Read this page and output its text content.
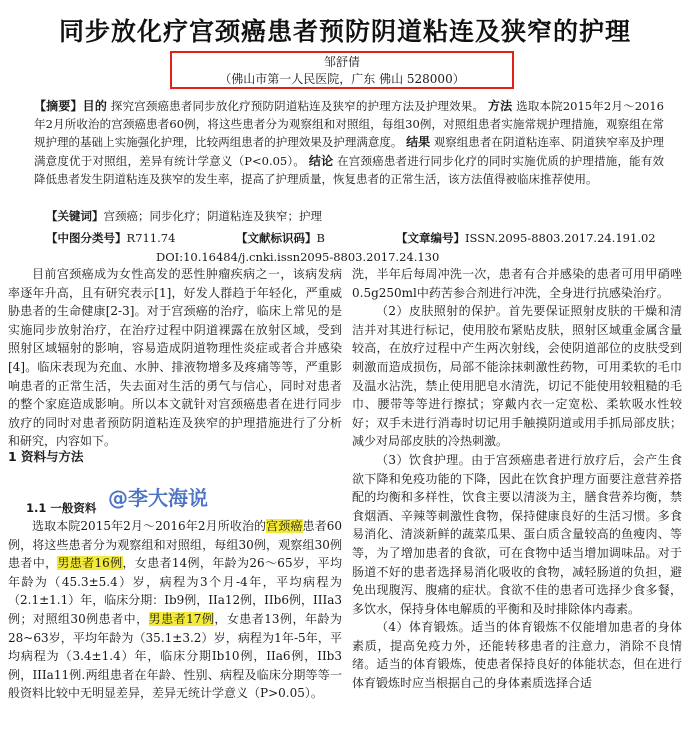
同步放化疗宫颈癌患者预防阴道粘连及狭窄的护理
邹舒倩
（佛山市第一人民医院，广东 佛山 528000）
【摘要】目的 探究宫颈癌患者同步放化疗预防阴道粘连及狭窄的护理方法及护理效果。 方法 选取本院2015年2月～2016年2月所收治的宫颈癌患者60例，将这些患者分为观察组和对照组，每组30例，对照组患者实施常规护理措施，观察组在常规护理的基础上实施强化护理，比较两组患者的护理效果及护理满意度。 结果 观察组患者在阴道粘连率、阴道狭窄率及护理满意度优于对照组，差异有统计学意义（P<0.05）。 结论 在宫颈癌患者进行同步化疗的同时实施优质的护理措施，能有效降低患者发生阴道粘连及狭窄的发生率，提高了护理质量，恢复患者的正常生活，该方法值得被临床推荐使用。
【关键词】宫颈癌；同步化疗；阴道粘连及狭窄；护理
【中图分类号】R711.74	【文献标识码】B	【文章编号】ISSN.2095-8803.2017.24.191.02
DOI:10.16484/j.cnki.issn2095-8803.2017.24.130

目前宫颈癌成为女性高发的恶性肿瘤疾病之一，该病发病率逐年升高，且有研究表示[1]，好发人群趋于年轻化，严重威胁患者的生命健康[2-3]。对于宫颈癌的治疗，临床上常见的是实施同步放射治疗，在治疗过程中阴道裸露在放射区域，受到照射区域辐射的影响，容易造成阴道物理性炎症或者合并感染[4]。临床表现为充血、水肿、排液物增多及疼痛等等，严重影响患者的正常生活，失去面对生活的勇气与信心，同时对患者的整个家庭造成影响。所以本文就针对宫颈癌患者在进行同步放疗的同时对患者预防阴道粘连及狭窄的护理措施进行了分析和研究，内容如下。

1 资料与方法
1.1 一般资料 @李大海说

选取本院2015年2月～2016年2月所收治的宫颈癌患者60例，将这些患者分为观察组和对照组，每组30例，观察组30例患者中，男患者16例，女患者14例，年龄为26～65岁，平均年龄为（45.3±5.4）岁，病程为3个月-4年，平均病程为（2.1±1.1）年，临床分期：Ib9例，IIa12例，IIb6例，IIIa3例；对照组30例患者中，男患者17例，女患者13例，年龄为28~63岁，平均年龄为（35.1±3.2）岁，病程为1年-5年，平均病程为（3.4±1.4）年，临床分期Ib10例，IIa6例，IIb3例，IIIa11例.两组患者在年龄、性别、病程及临床分期等等一般资料比较中无明显差异，差异无统计学意义（P>0.05）。

洗，半年后每周冲洗一次，患者有合并感染的患者可用甲硝唑0.5g250ml中药苦参合剂进行冲洗，全身进行抗感染治疗。

（2）皮肤照射的保护。首先要保证照射皮肤的干燥和清洁并对其进行标记，使用胶布紧贴皮肤，照射区域重金属含量较高，在放疗过程中产生两次射线，会使阴道部位的皮肤受到刺激而造成损伤，局部不能涂抹刺激性药物，可用柔软的毛巾及温水沾洗，禁止使用肥皂水清洗，切记不能使用较粗糙的毛巾、腰带等等进行擦拭；穿戴内衣一定宽松、柔软吸水性较好；双手未进行消毒时切记用手触摸阴道或用手抓局部皮肤；减少对局部皮肤的冷热刺激。

（3）饮食护理。由于宫颈癌患者进行放疗后，会产生食欲下降和免疫功能的下降，因此在饮食护理方面要注意营养搭配的均衡和多样性，饮食主要以清淡为主，膳食营养均衡，禁食烟酒、辛辣等刺激性食物，保持健康良好的生活习惯。多食易消化、清淡新鲜的蔬菜瓜果、蛋白质含量较高的鱼瘦肉、等等，为了增加患者的食欲，可在食物中适当增加调味品。对于肠道不好的患者选择易消化吸收的食物，减轻肠道的负担，避免出现腹泻、腹痛的症状。食欲不佳的患者可选择少食多餐，多饮水，保持身体电解质的平衡和及时排除体内毒素。

（4）体育锻炼。适当的体育锻炼不仅能增加患者的身体素质，提高免疫力外，还能转移患者的注意力，消除不良情绪。适当的体育锻炼，使患者保持良好的体能状态，但在进行体育锻炼时应当根据自己的身体素质选择合适
